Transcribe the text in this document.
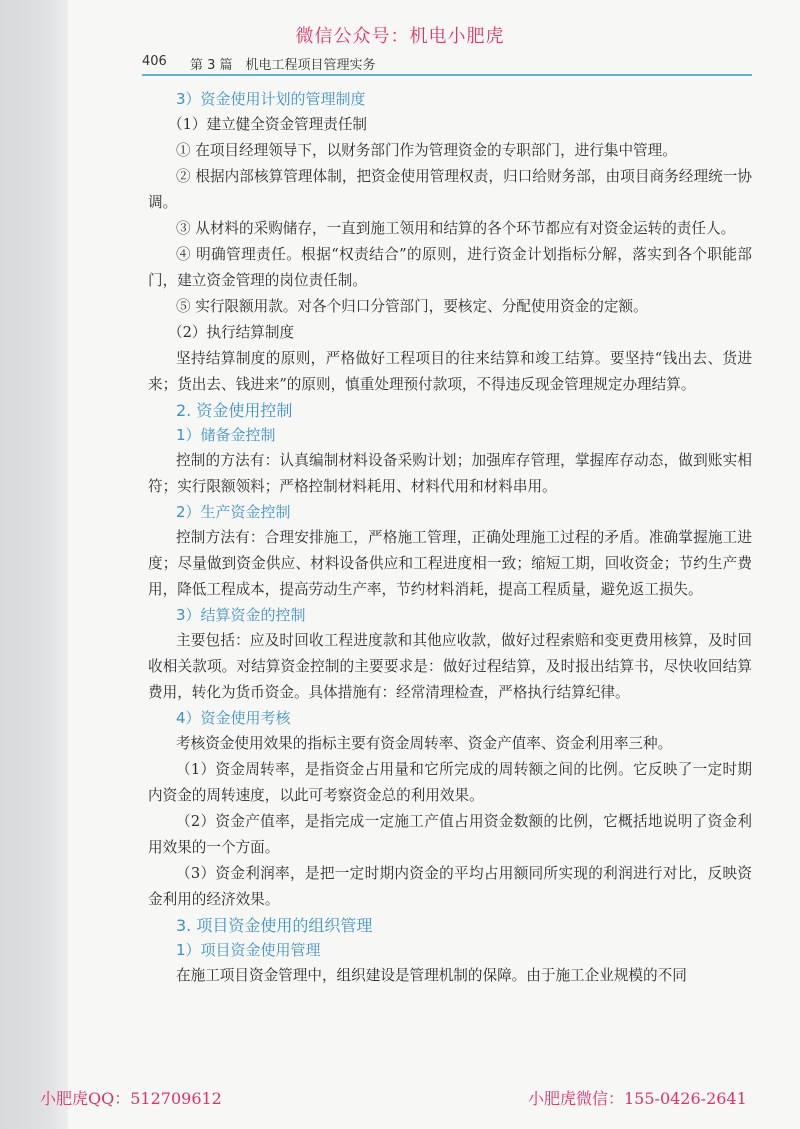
微信公众号：机电小肥虎
406 第 3 篇　机电工程项目管理实务
3）资金使用计划的管理制度
（1）建立健全资金管理责任制
① 在项目经理领导下，以财务部门作为管理资金的专职部门，进行集中管理。
② 根据内部核算管理体制，把资金使用管理权责，归口给财务部，由项目商务经理统一协调。
③ 从材料的采购储存，一直到施工领用和结算的各个环节都应有对资金运转的责任人。
④ 明确管理责任。根据“权责结合”的原则，进行资金计划指标分解，落实到各个职能部门，建立资金管理的岗位责任制。
⑤ 实行限额用款。对各个归口分管部门，要核定、分配使用资金的定额。
（2）执行结算制度
坚持结算制度的原则，严格做好工程项目的往来结算和竣工结算。要坚持“钱出去、货进来；货出去、钱进来”的原则，慎重处理预付款项，不得违反现金管理规定办理结算。
2. 资金使用控制
1）储备金控制
控制的方法有：认真编制材料设备采购计划；加强库存管理，掌握库存动态，做到账实相符；实行限额领料；严格控制材料耗用、材料代用和材料串用。
2）生产资金控制
控制方法有：合理安排施工，严格施工管理，正确处理施工过程的矛盾。准确掌握施工进度；尽量做到资金供应、材料设备供应和工程进度相一致；缩短工期，回收资金；节约生产费用，降低工程成本，提高劳动生产率，节约材料消耗，提高工程质量，避免返工损失。
3）结算资金的控制
主要包括：应及时回收工程进度款和其他应收款，做好过程索赔和变更费用核算，及时回收相关款项。对结算资金控制的主要要求是：做好过程结算，及时报出结算书，尽快收回结算费用，转化为货币资金。具体措施有：经常清理检查，严格执行结算纪律。
4）资金使用考核
考核资金使用效果的指标主要有资金周转率、资金产值率、资金利用率三种。
（1）资金周转率，是指资金占用量和它所完成的周转额之间的比例。它反映了一定时期内资金的周转速度，以此可考察资金总的利用效果。
（2）资金产值率，是指完成一定施工产值占用资金数额的比例，它概括地说明了资金利用效果的一个方面。
（3）资金利润率，是把一定时期内资金的平均占用额同所实现的利润进行对比，反映资金利用的经济效果。
3. 项目资金使用的组织管理
1）项目资金使用管理
在施工项目资金管理中，组织建设是管理机制的保障。由于施工企业规模的不同
小肥虎QQ：512709612	小肥虎微信：155-0426-2641
